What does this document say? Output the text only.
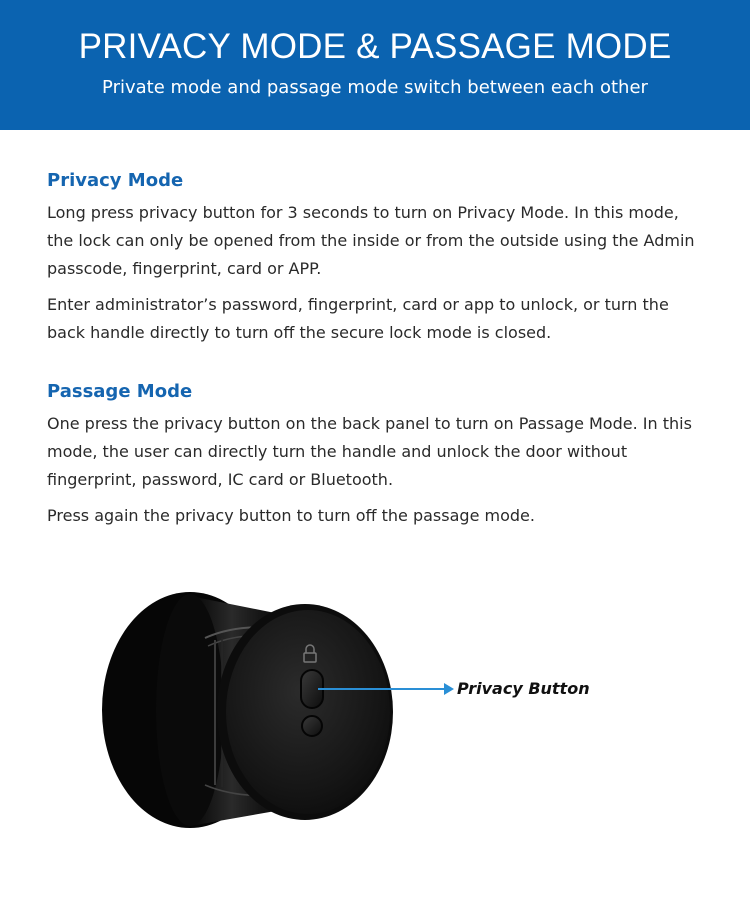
PRIVACY MODE & PASSAGE MODE
Private mode and passage mode switch between each other
Privacy Mode

Long press privacy button for 3 seconds to turn on Privacy Mode. In this mode, the lock can only be opened from the inside or from the outside using the Admin passcode, fingerprint, card or APP.

Enter administrator’s password, fingerprint, card or app to unlock, or turn the back handle directly to turn off the secure lock mode is closed.

Passage Mode

One press the privacy button on the back panel to turn on Passage Mode. In this mode, the user can directly turn the handle and unlock the door without fingerprint, password, IC card or Bluetooth.

Press again the privacy button to turn off the passage mode.

Privacy Button
